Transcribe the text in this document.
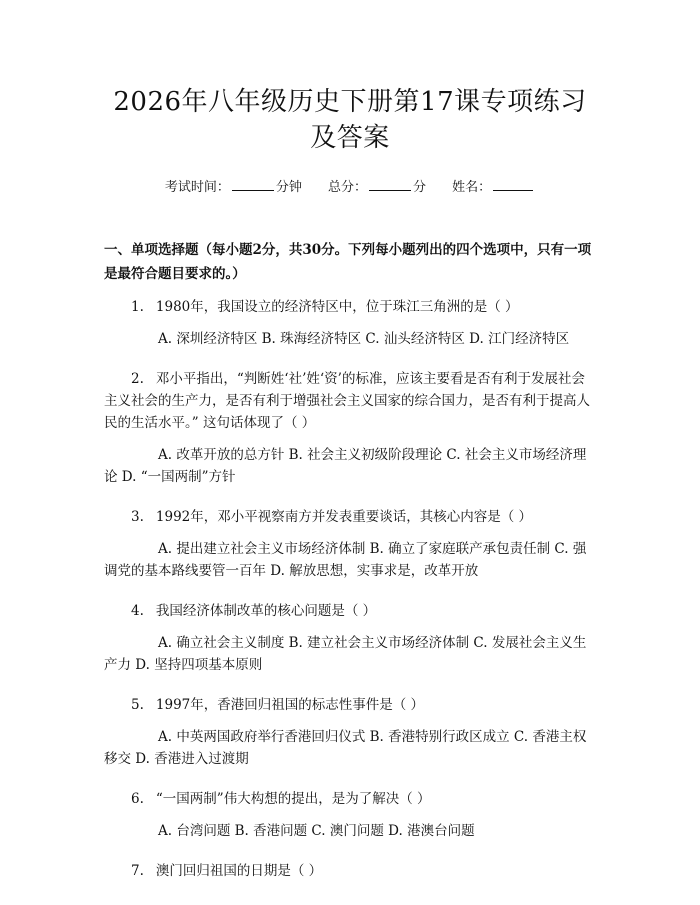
2026年八年级历史下册第17课专项练习及答案
考试时间：	分钟 总分：	分 姓名：
一、单项选择题（每小题2分，共30分。下列每小题列出的四个选项中，只有一项是最符合题目要求的。）
1. 1980年，我国设立的经济特区中，位于珠江三角洲的是（ ）
A. 深圳经济特区 B. 珠海经济特区 C. 汕头经济特区 D. 江门经济特区
2. 邓小平指出，“判断姓‘社’姓‘资’的标准，应该主要看是否有利于发展社会主义社会的生产力，是否有利于增强社会主义国家的综合国力，是否有利于提高人民的生活水平。” 这句话体现了（ ）
A. 改革开放的总方针 B. 社会主义初级阶段理论 C. 社会主义市场经济理论 D. “一国两制”方针
3. 1992年，邓小平视察南方并发表重要谈话，其核心内容是（ ）
A. 提出建立社会主义市场经济体制 B. 确立了家庭联产承包责任制 C. 强调党的基本路线要管一百年 D. 解放思想，实事求是，改革开放
4. 我国经济体制改革的核心问题是（ ）
A. 确立社会主义制度 B. 建立社会主义市场经济体制 C. 发展社会主义生产力 D. 坚持四项基本原则
5. 1997年，香港回归祖国的标志性事件是（ ）
A. 中英两国政府举行香港回归仪式 B. 香港特别行政区成立 C. 香港主权移交 D. 香港进入过渡期
6. “一国两制”伟大构想的提出，是为了解决（ ）
A. 台湾问题 B. 香港问题 C. 澳门问题 D. 港澳台问题
7. 澳门回归祖国的日期是（ ）
